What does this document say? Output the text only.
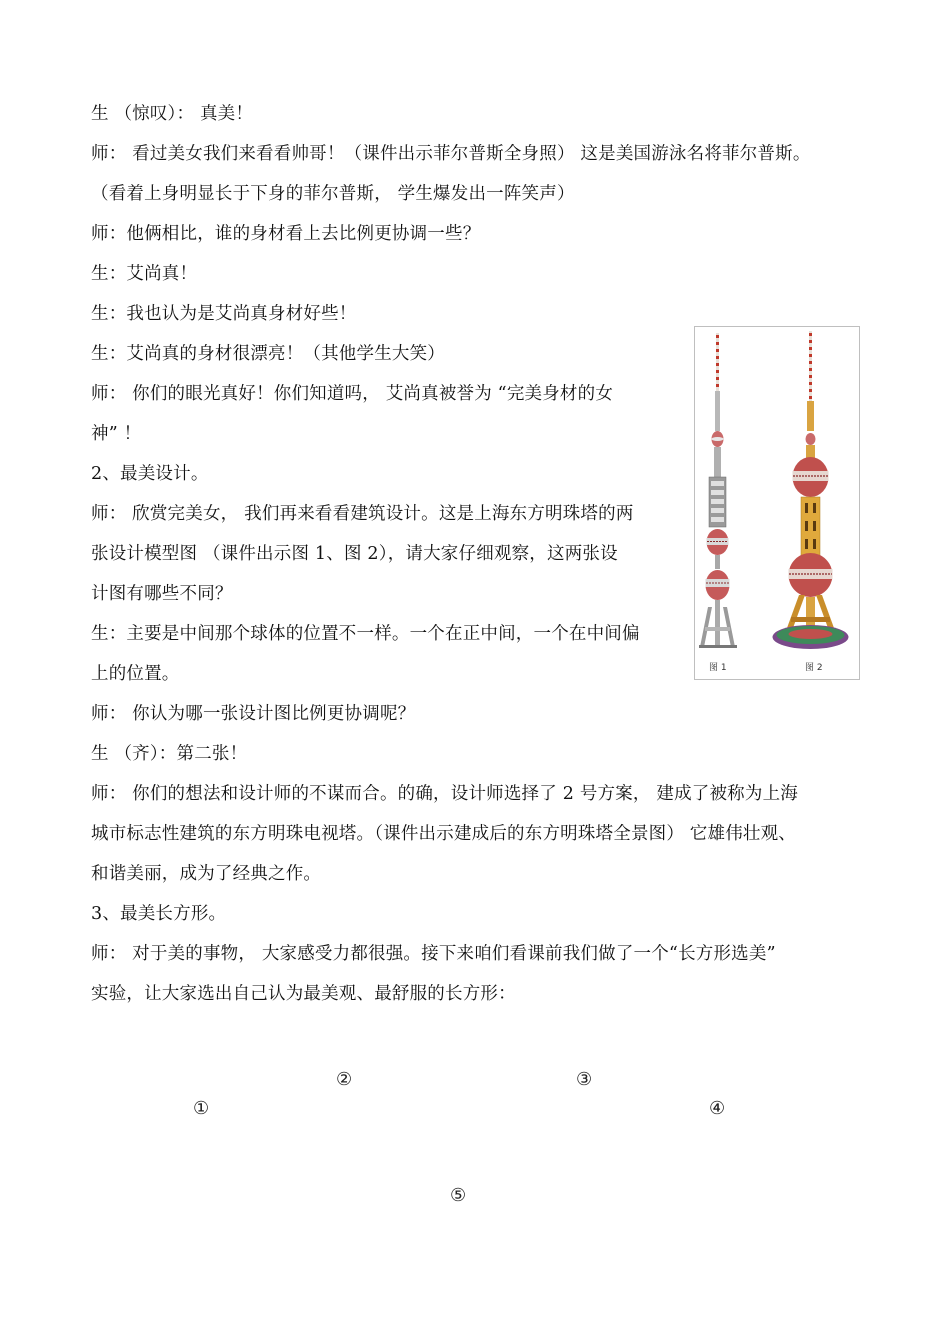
生 （惊叹）： 真美！
师： 看过美女我们来看看帅哥！（课件出示菲尔普斯全身照） 这是美国游泳名将菲尔普斯。
（看着上身明显长于下身的菲尔普斯， 学生爆发出一阵笑声）
师：他俩相比，谁的身材看上去比例更协调一些？
生：艾尚真！
生：我也认为是艾尚真身材好些！
生：艾尚真的身材很漂亮！（其他学生大笑）
师： 你们的眼光真好！你们知道吗， 艾尚真被誉为 “完美身材的女
神” ！
2、最美设计。
师： 欣赏完美女， 我们再来看看建筑设计。这是上海东方明珠塔的两
张设计模型图 （课件出示图 1、图 2），请大家仔细观察，这两张设
计图有哪些不同？
生：主要是中间那个球体的位置不一样。一个在正中间，一个在中间偏
上的位置。
师： 你认为哪一张设计图比例更协调呢？
生 （齐）：第二张！
师： 你们的想法和设计师的不谋而合。的确，设计师选择了 2 号方案， 建成了被称为上海
城市标志性建筑的东方明珠电视塔。（课件出示建成后的东方明珠塔全景图） 它雄伟壮观、
和谐美丽，成为了经典之作。
3、最美长方形。
师： 对于美的事物， 大家感受力都很强。接下来咱们看课前我们做了一个“长方形选美”
实验，让大家选出自己认为最美观、最舒服的长方形：
图 1	图 2
②	③
①	④
⑤
